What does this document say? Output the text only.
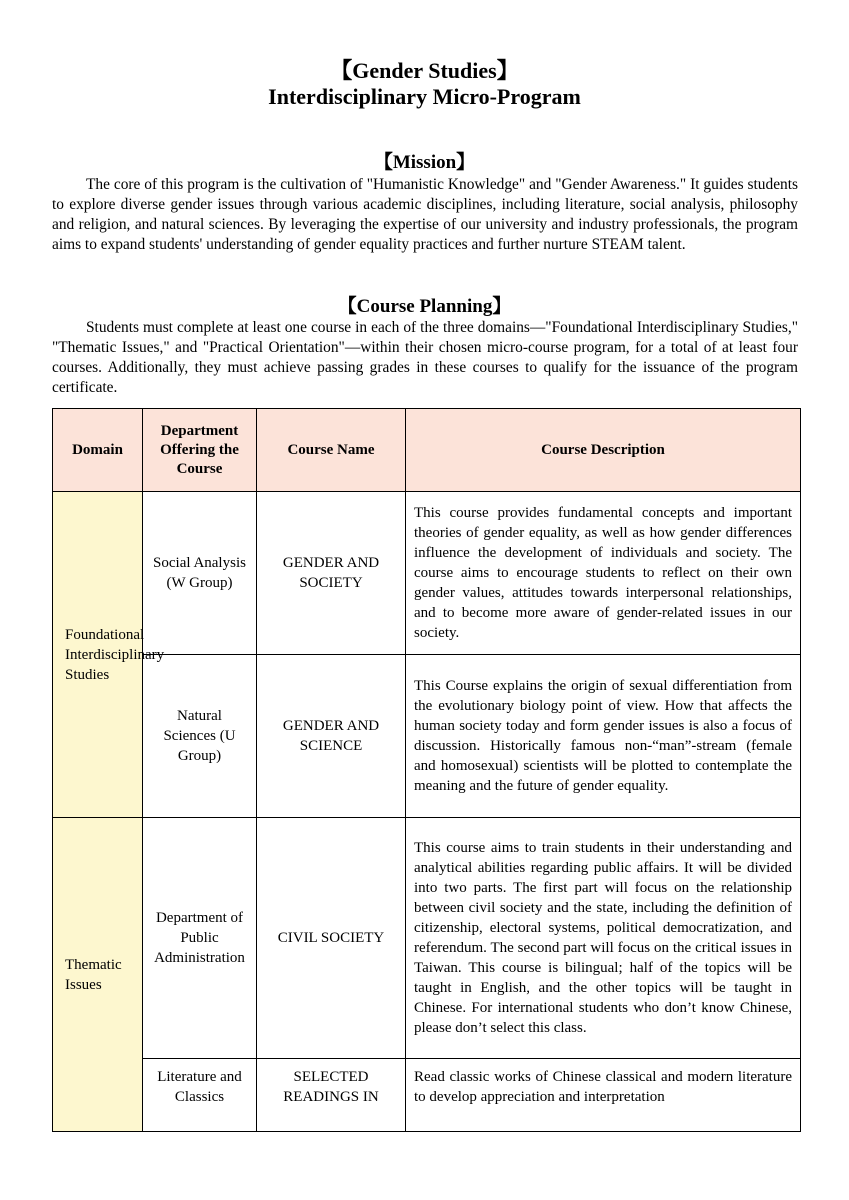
【Gender Studies】
Interdisciplinary Micro-Program
【Mission】
The core of this program is the cultivation of "Humanistic Knowledge" and "Gender Awareness." It guides students to explore diverse gender issues through various academic disciplines, including literature, social analysis, philosophy and religion, and natural sciences. By leveraging the expertise of our university and industry professionals, the program aims to expand students' understanding of gender equality practices and further nurture STEAM talent.
【Course Planning】
Students must complete at least one course in each of the three domains—"Foundational Interdisciplinary Studies," "Thematic Issues," and "Practical Orientation"—within their chosen micro-course program, for a total of at least four courses. Additionally, they must achieve passing grades in these courses to qualify for the issuance of the program certificate.
Domain	Department Offering the Course	Course Name	Course Description
Foundational Interdisciplinary Studies	Social Analysis (W Group)	GENDER AND SOCIETY	This course provides fundamental concepts and important theories of gender equality, as well as how gender differences influence the development of individuals and society. The course aims to encourage students to reflect on their own gender values, attitudes towards interpersonal relationships, and to become more aware of gender-related issues in our society.
	Natural Sciences (U Group)	GENDER AND SCIENCE	This Course explains the origin of sexual differentiation from the evolutionary biology point of view. How that affects the human society today and form gender issues is also a focus of discussion. Historically famous non-“man”-stream (female and homosexual) scientists will be plotted to contemplate the meaning and the future of gender equality.
Thematic Issues	Department of Public Administration	CIVIL SOCIETY	This course aims to train students in their understanding and analytical abilities regarding public affairs. It will be divided into two parts. The first part will focus on the relationship between civil society and the state, including the definition of citizenship, electoral systems, political democratization, and referendum. The second part will focus on the critical issues in Taiwan. This course is bilingual; half of the topics will be taught in English, and the other topics will be taught in Chinese. For international students who don’t know Chinese, please don’t select this class.
	Literature and Classics	SELECTED READINGS IN	Read classic works of Chinese classical and modern literature to develop appreciation and interpretation
